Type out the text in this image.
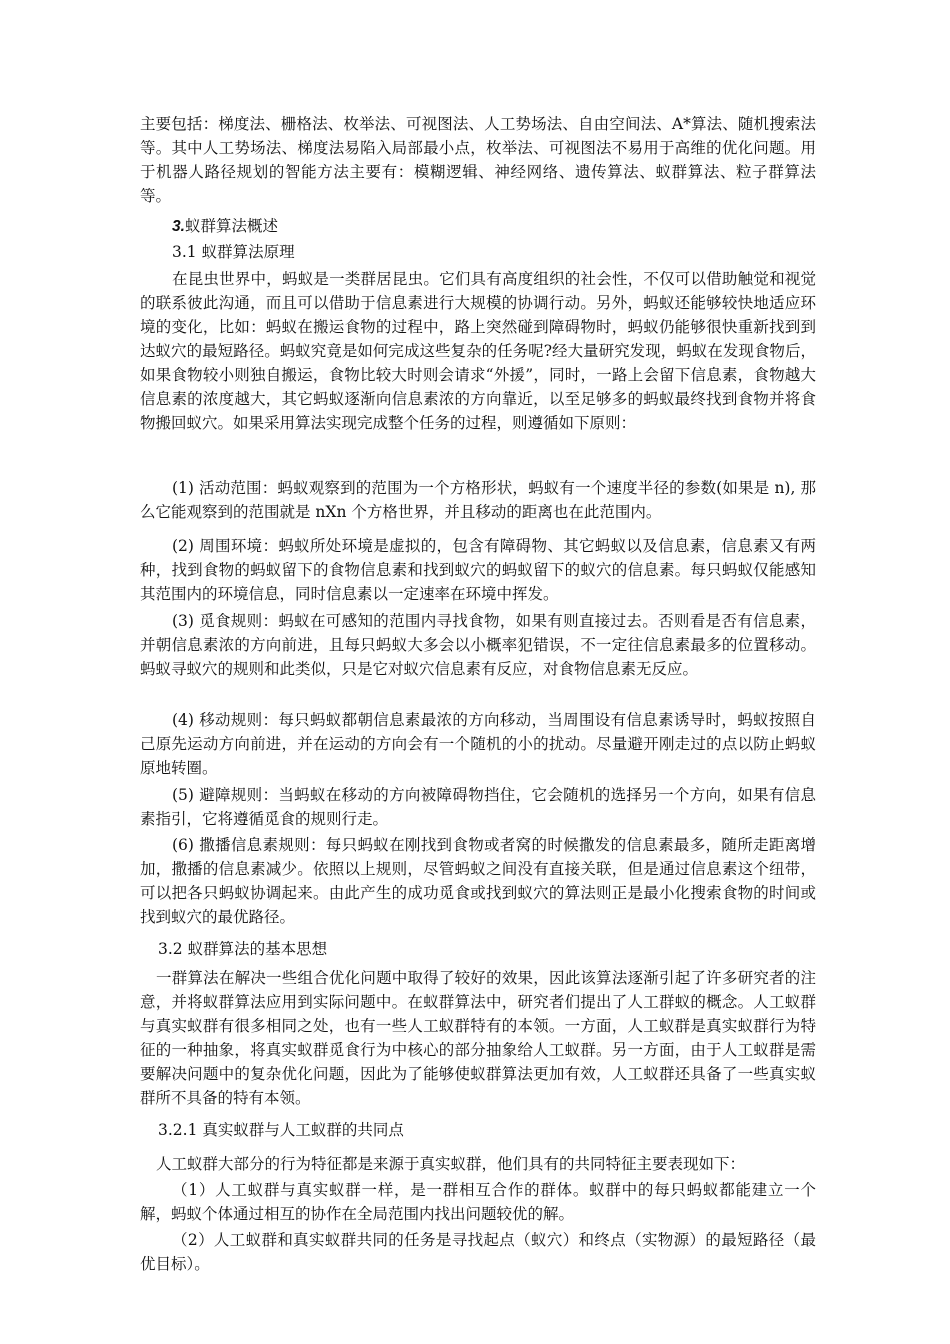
主要包括：梯度法、栅格法、枚举法、可视图法、人工势场法、自由空间法、A*算法、随机搜索法等。其中人工势场法、梯度法易陷入局部最小点，枚举法、可视图法不易用于高维的优化问题。用于机器人路径规划的智能方法主要有：模糊逻辑、神经网络、遗传算法、蚁群算法、粒子群算法等。

3.蚁群算法概述
3.1 蚁群算法原理

在昆虫世界中，蚂蚁是一类群居昆虫。它们具有高度组织的社会性，不仅可以借助触觉和视觉的联系彼此沟通，而且可以借助于信息素进行大规模的协调行动。另外，蚂蚁还能够较快地适应环境的变化，比如：蚂蚁在搬运食物的过程中，路上突然碰到障碍物时，蚂蚁仍能够很快重新找到到达蚁穴的最短路径。蚂蚁究竟是如何完成这些复杂的任务呢?经大量研究发现，蚂蚁在发现食物后，如果食物较小则独自搬运，食物比较大时则会请求“外援”，同时，一路上会留下信息素，食物越大信息素的浓度越大，其它蚂蚁逐渐向信息素浓的方向靠近，以至足够多的蚂蚁最终找到食物并将食物搬回蚁穴。如果采用算法实现完成整个任务的过程，则遵循如下原则：

(1) 活动范围：蚂蚁观察到的范围为一个方格形状，蚂蚁有一个速度半径的参数(如果是 n), 那么它能观察到的范围就是 nXn 个方格世界，并且移动的距离也在此范围内。

(2) 周围环境：蚂蚁所处环境是虚拟的，包含有障碍物、其它蚂蚁以及信息素，信息素又有两种，找到食物的蚂蚁留下的食物信息素和找到蚁穴的蚂蚁留下的蚁穴的信息素。每只蚂蚁仅能感知其范围内的环境信息，同时信息素以一定速率在环境中挥发。

(3) 觅食规则：蚂蚁在可感知的范围内寻找食物，如果有则直接过去。否则看是否有信息素，并朝信息素浓的方向前进，且每只蚂蚁大多会以小概率犯错误，不一定往信息素最多的位置移动。蚂蚁寻蚁穴的规则和此类似，只是它对蚁穴信息素有反应，对食物信息素无反应。

(4) 移动规则：每只蚂蚁都朝信息素最浓的方向移动，当周围设有信息素诱导时，蚂蚁按照自己原先运动方向前进，并在运动的方向会有一个随机的小的扰动。尽量避开刚走过的点以防止蚂蚁原地转圈。

(5) 避障规则：当蚂蚁在移动的方向被障碍物挡住，它会随机的选择另一个方向，如果有信息素指引，它将遵循觅食的规则行走。

(6) 撒播信息素规则：每只蚂蚁在刚找到食物或者窝的时候撒发的信息素最多，随所走距离增加，撒播的信息素减少。依照以上规则，尽管蚂蚁之间没有直接关联，但是通过信息素这个纽带，可以把各只蚂蚁协调起来。由此产生的成功觅食或找到蚁穴的算法则正是最小化搜索食物的时间或找到蚁穴的最优路径。

3.2 蚁群算法的基本思想

一群算法在解决一些组合优化问题中取得了较好的效果，因此该算法逐渐引起了许多研究者的注意，并将蚁群算法应用到实际问题中。在蚁群算法中，研究者们提出了人工群蚁的概念。人工蚁群与真实蚁群有很多相同之处，也有一些人工蚁群特有的本领。一方面，人工蚁群是真实蚁群行为特征的一种抽象，将真实蚁群觅食行为中核心的部分抽象给人工蚁群。另一方面，由于人工蚁群是需要解决问题中的复杂优化问题，因此为了能够使蚁群算法更加有效，人工蚁群还具备了一些真实蚁群所不具备的特有本领。

3.2.1 真实蚁群与人工蚁群的共同点

人工蚁群大部分的行为特征都是来源于真实蚁群，他们具有的共同特征主要表现如下：

（1）人工蚁群与真实蚁群一样，是一群相互合作的群体。蚁群中的每只蚂蚁都能建立一个解，蚂蚁个体通过相互的协作在全局范围内找出问题较优的解。

（2）人工蚁群和真实蚁群共同的任务是寻找起点（蚁穴）和终点（实物源）的最短路径（最优目标）。
